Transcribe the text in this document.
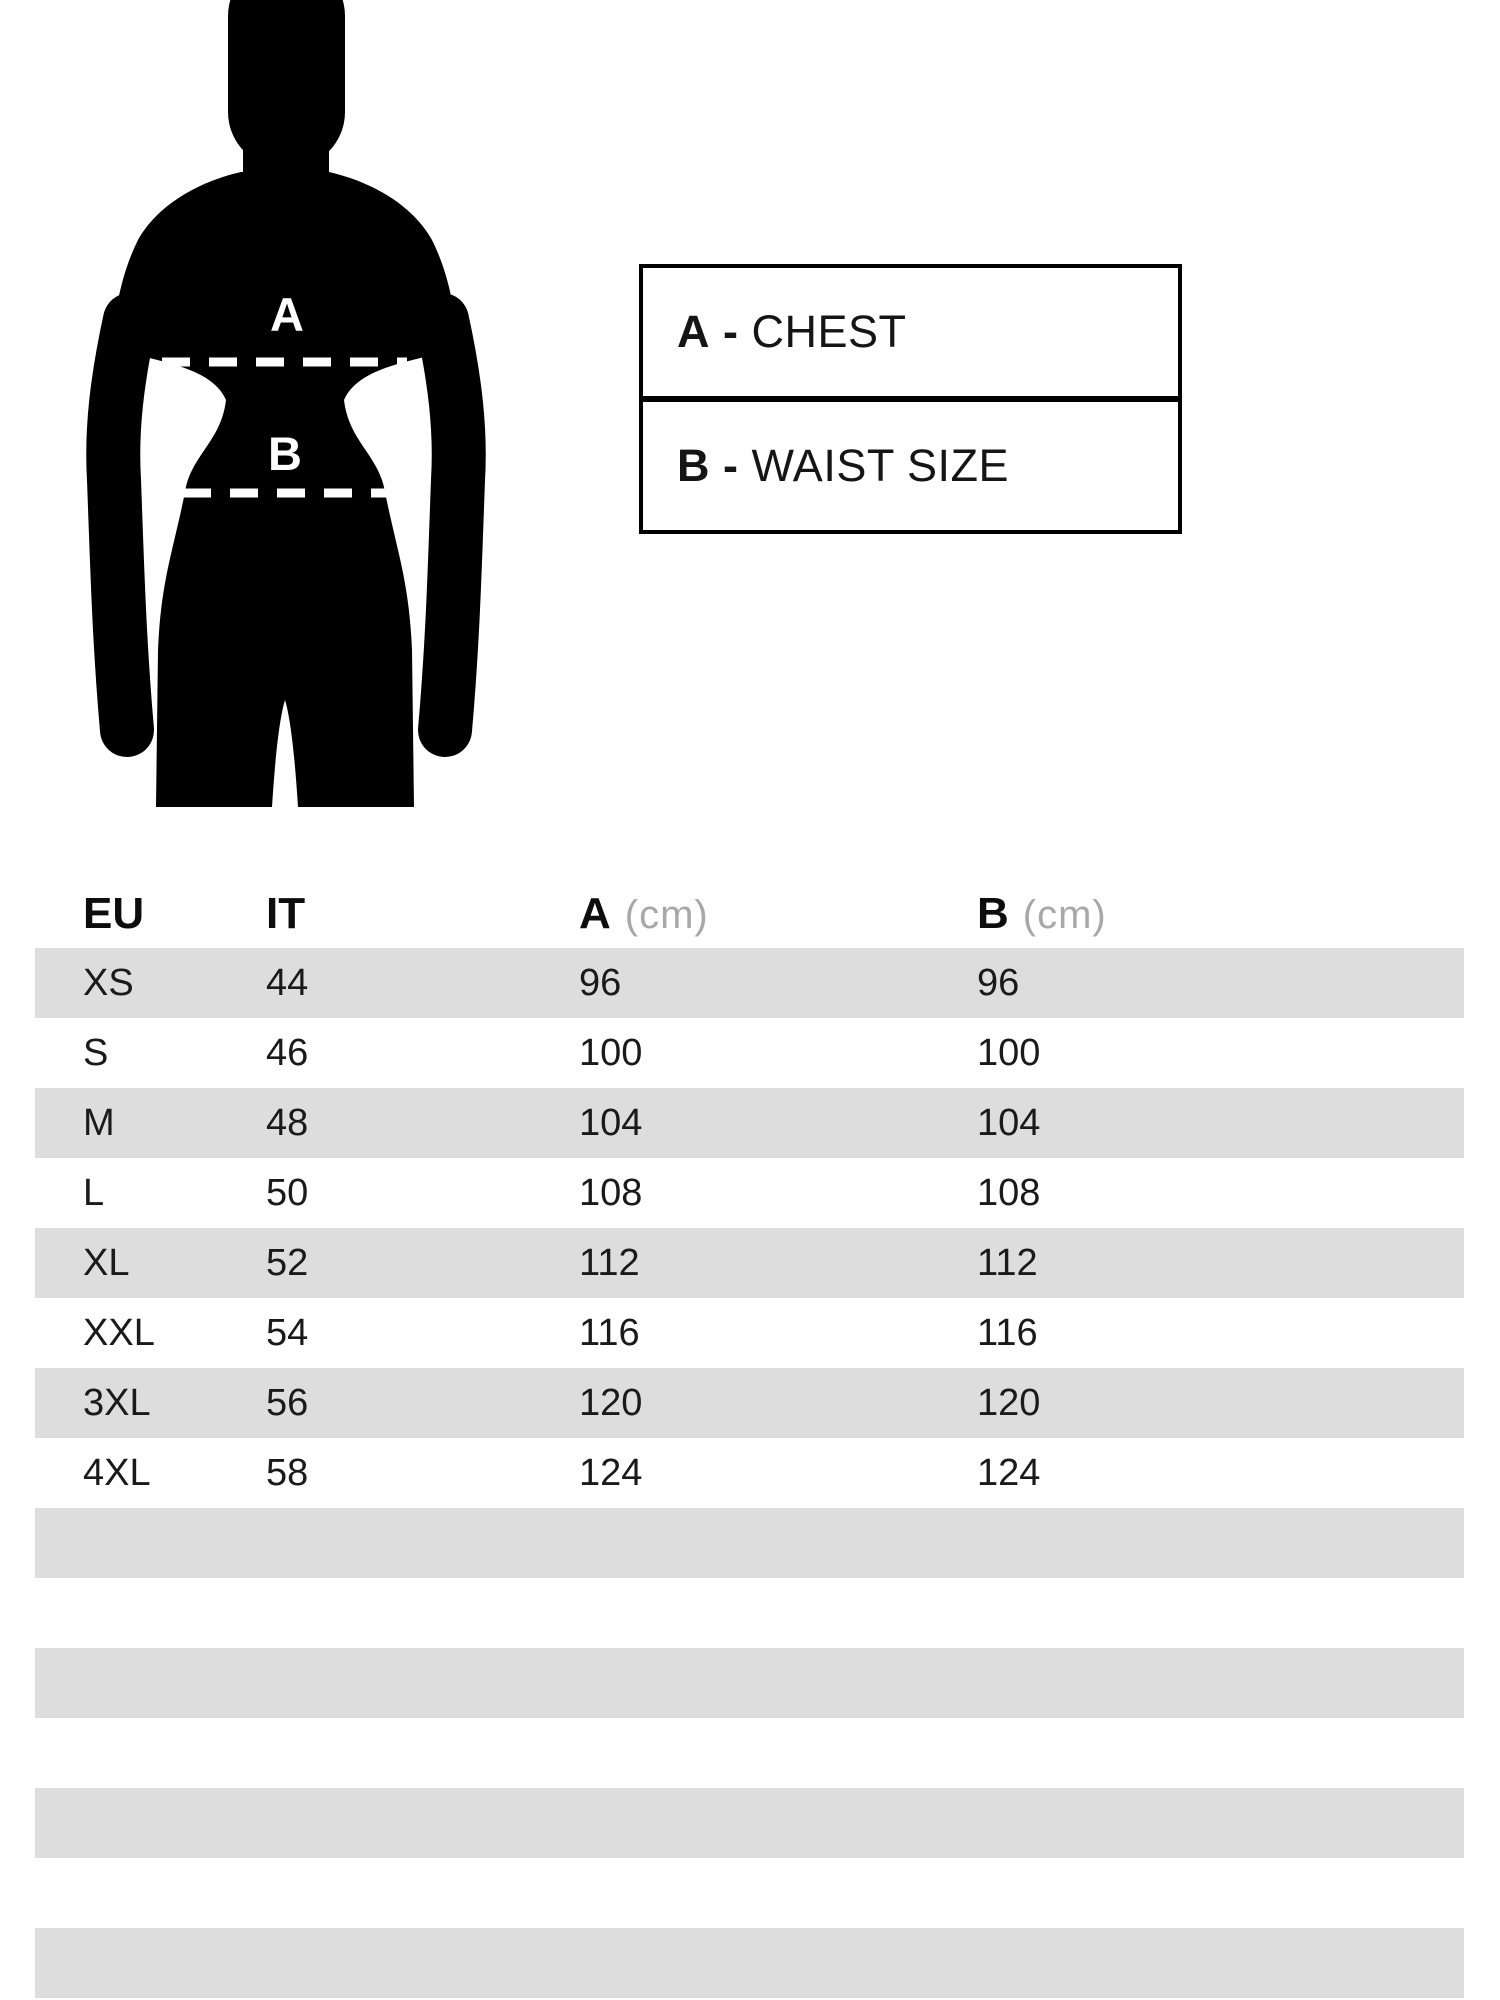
A
B
A - CHEST
B - WAIST SIZE
EU	IT	A (cm)	B (cm)
XS	44	96	96
S	46	100	100
M	48	104	104
L	50	108	108
XL	52	112	112
XXL	54	116	116
3XL	56	120	120
4XL	58	124	124
